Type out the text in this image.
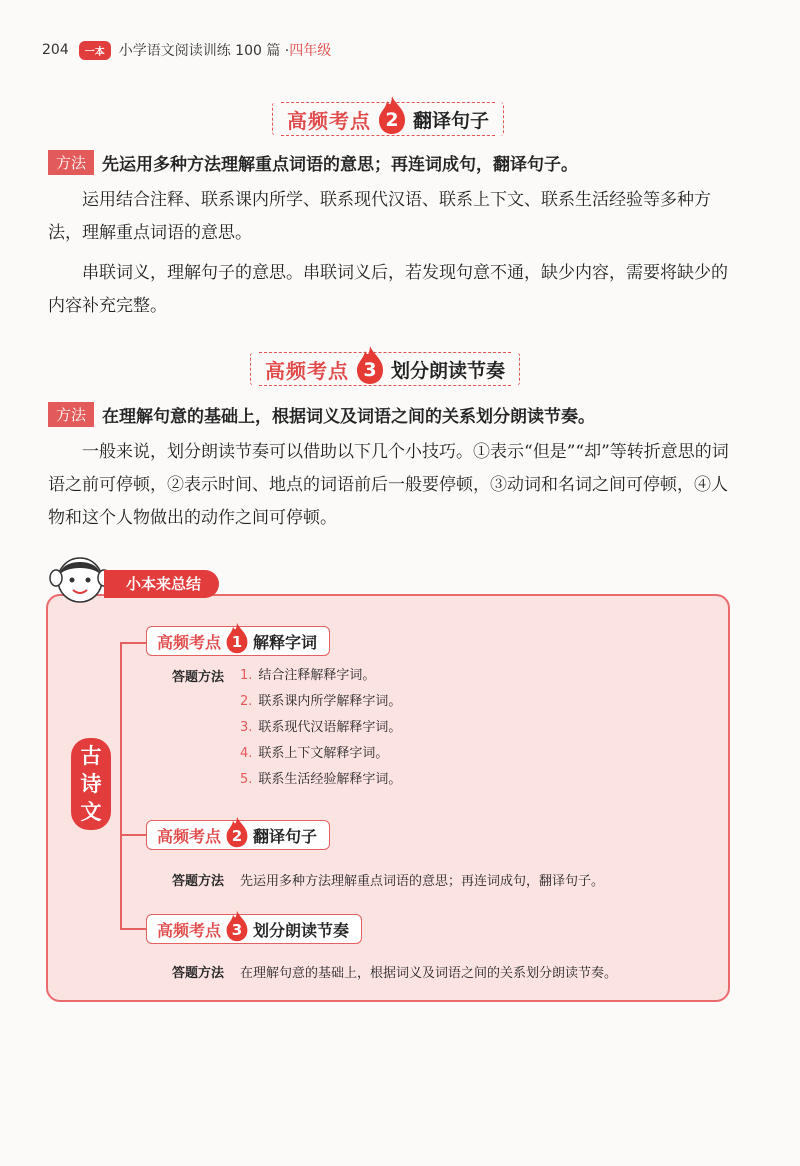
204	一本	小学语文阅读训练 100 篇 · 四年级
高频考点 2 翻译句子
方法 先运用多种方法理解重点词语的意思；再连词成句，翻译句子。

运用结合注释、联系课内所学、联系现代汉语、联系上下文、联系生活经验等多种方法，理解重点词语的意思。

串联词义，理解句子的意思。串联词义后，若发现句意不通，缺少内容，需要将缺少的内容补充完整。

高频考点 3 划分朗读节奏
方法 在理解句意的基础上，根据词义及词语之间的关系划分朗读节奏。

一般来说，划分朗读节奏可以借助以下几个小技巧。①表示“但是”“却”等转折意思的词语之前可停顿，②表示时间、地点的词语前后一般要停顿，③动词和名词之间可停顿，④人物和这个人物做出的动作之间可停顿。

小本来总结
古
诗
文
高频考点 1 解释字词
答题方法 1. 结合注释解释字词。
2. 联系课内所学解释字词。
3. 联系现代汉语解释字词。
4. 联系上下文解释字词。
5. 联系生活经验解释字词。
高频考点 2 翻译句子
答题方法 先运用多种方法理解重点词语的意思；再连词成句，翻译句子。
高频考点 3 划分朗读节奏
答题方法 在理解句意的基础上，根据词义及词语之间的关系划分朗读节奏。
